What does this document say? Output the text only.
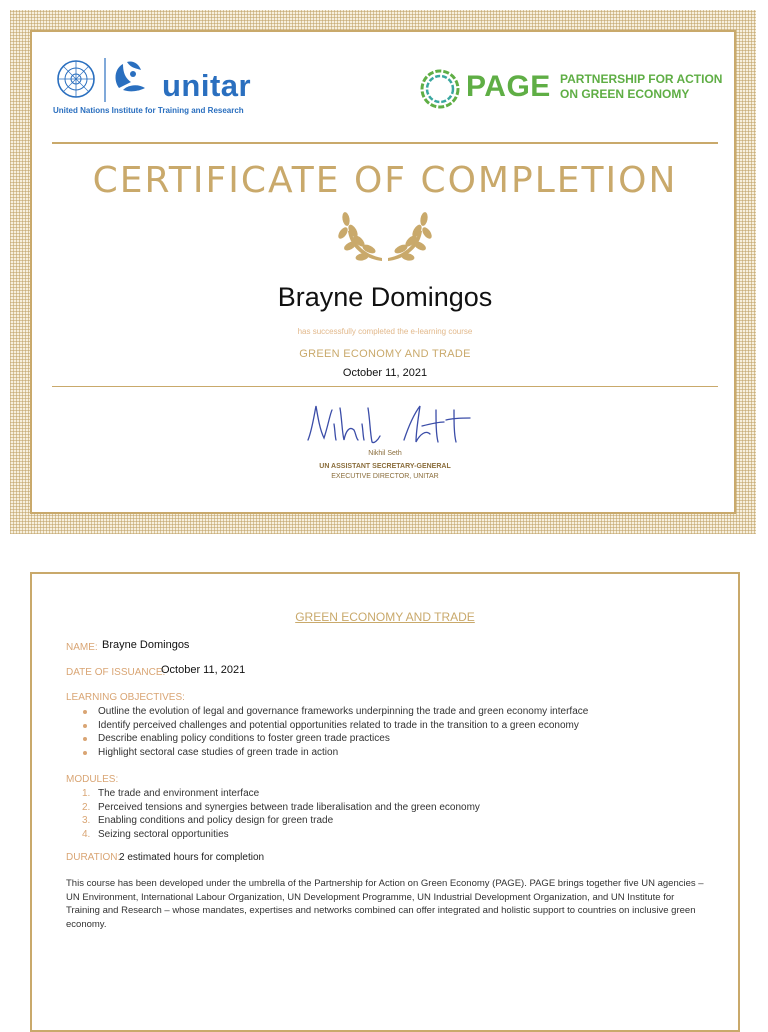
unitar
United Nations Institute for Training and Research
PAGE PARTNERSHIP FOR ACTION
ON GREEN ECONOMY
CERTIFICATE OF COMPLETION
Brayne Domingos
has successfully completed the e-learning course
GREEN ECONOMY AND TRADE
October 11, 2021
Nikhil Seth
UN ASSISTANT SECRETARY-GENERAL
EXECUTIVE DIRECTOR, UNITAR
GREEN ECONOMY AND TRADE
NAME: Brayne Domingos
DATE OF ISSUANCE:
October 11, 2021
LEARNING OBJECTIVES:
Outline the evolution of legal and governance frameworks underpinning the trade and green economy interface
Identify perceived challenges and potential opportunities related to trade in the transition to a green economy
Describe enabling policy conditions to foster green trade practices
Highlight sectoral case studies of green trade in action
MODULES:
1. The trade and environment interface
2. Perceived tensions and synergies between trade liberalisation and the green economy
3. Enabling conditions and policy design for green trade
4. Seizing sectoral opportunities
DURATION:
2 estimated hours for completion
This course has been developed under the umbrella of the Partnership for Action on Green Economy (PAGE). PAGE brings together five UN agencies – UN Environment, International Labour Organization, UN Development Programme, UN Industrial Development Organization, and UN Institute for Training and Research – whose mandates, expertises and networks combined can offer integrated and holistic support to countries on inclusive green economy.
